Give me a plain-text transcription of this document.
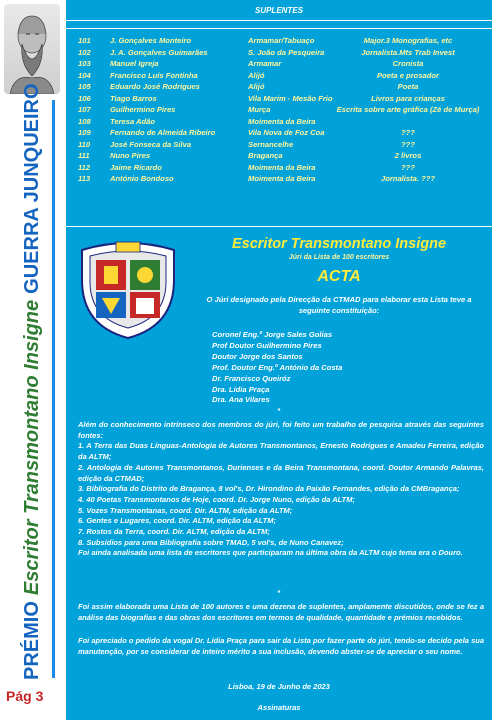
PRÉMIO
Escritor Transmontano Insigne
GUERRA JUNQUEIRO
Pág 3
SUPLENTES
101	J. Gonçalves Monteiro	Armamar/Tabuaço	Major.3 Monografias, etc
102	J. A. Gonçalves Guimarães	S. João da Pesqueira	Jornalista.Mts Trab Invest
103	Manuel Igreja	Armamar	Cronista
104	Francisco Luís Fontinha	Alijó	Poeta e prosador
105	Eduardo José Rodrigues	Alijó	Poeta
106	Tiago Barros	Vila Marim - Mesão Frio	Livros para crianças
107	Guilhermino Pires	Murça	Escrita sobre arte gráfica (Zé de Murça)
108	Teresa Adão	Moimenta da Beira
109	Fernando de Almeida Ribeiro	Vila Nova de Foz Coa	???
110	José Fonseca da Silva	Sernancelhe	???
111	Nuno Pires	Bragança	2 livros
112	Jaime Ricardo	Moimenta da Beira	???
113	António Bondoso	Moimenta da Beira	Jornalista. ???
Escritor Transmontano Insigne
Júri da Lista de 100 escritores
ACTA
O Júri designado pela Direcção da CTMAD para elaborar esta Lista teve a seguinte constituição:
Coronel Eng.º Jorge Sales Golias
Prof Doutor Guilhermino Pires
Doutor Jorge dos Santos
Prof. Doutor Eng.º António da Costa
Dr. Francisco Queiróz
Dra. Lídia Praça
Dra. Ana Vilares
*
Além do conhecimento intrínseco dos membros do júri, foi feito um trabalho de pesquisa através das seguintes fontes:
1. A Terra das Duas Línguas-Antologia de Autores Transmontanos, Ernesto Rodrigues e Amadeu Ferreira, edição da ALTM;
2. Antologia de Autores Transmontanos, Durienses e da Beira Transmontana, coord. Doutor Armando Palavras, edição da CTMAD;
3. Bibliografia do Distrito de Bragança, 8 vol's, Dr. Hirondino da Paixão Fernandes, edição da CMBragança;
4. 40 Poetas Transmontanos de Hoje, coord. Dr. Jorge Nuno, edição da ALTM;
5. Vozes Transmontanas, coord. Dir. ALTM, edição da ALTM;
6. Gentes e Lugares, coord. Dir. ALTM, edição da ALTM;
7. Rostos da Terra, coord. Dir. ALTM, edição da ALTM;
8. Subsídios para uma Bibliografia sobre TMAD, 5 vol's, de Nuno Canavez;
Foi ainda analisada uma lista de escritores que participaram na última obra da ALTM cujo tema era o Douro.
*
Foi assim elaborada uma Lista de 100 autores e uma dezena de suplentes, amplamente discutidos, onde se fez a análise das biografias e das obras dos escritores em termos de qualidade, quantidade e prémios recebidos.
Foi apreciado o pedido da vogal Dr. Lídia Praça para sair da Lista por fazer parte do júri, tendo-se decido pela sua manutenção, por se considerar de inteiro mérito a sua inclusão, devendo abster-se de apreciar o seu nome.
Lisboa, 19 de Junho de 2023
Assinaturas
